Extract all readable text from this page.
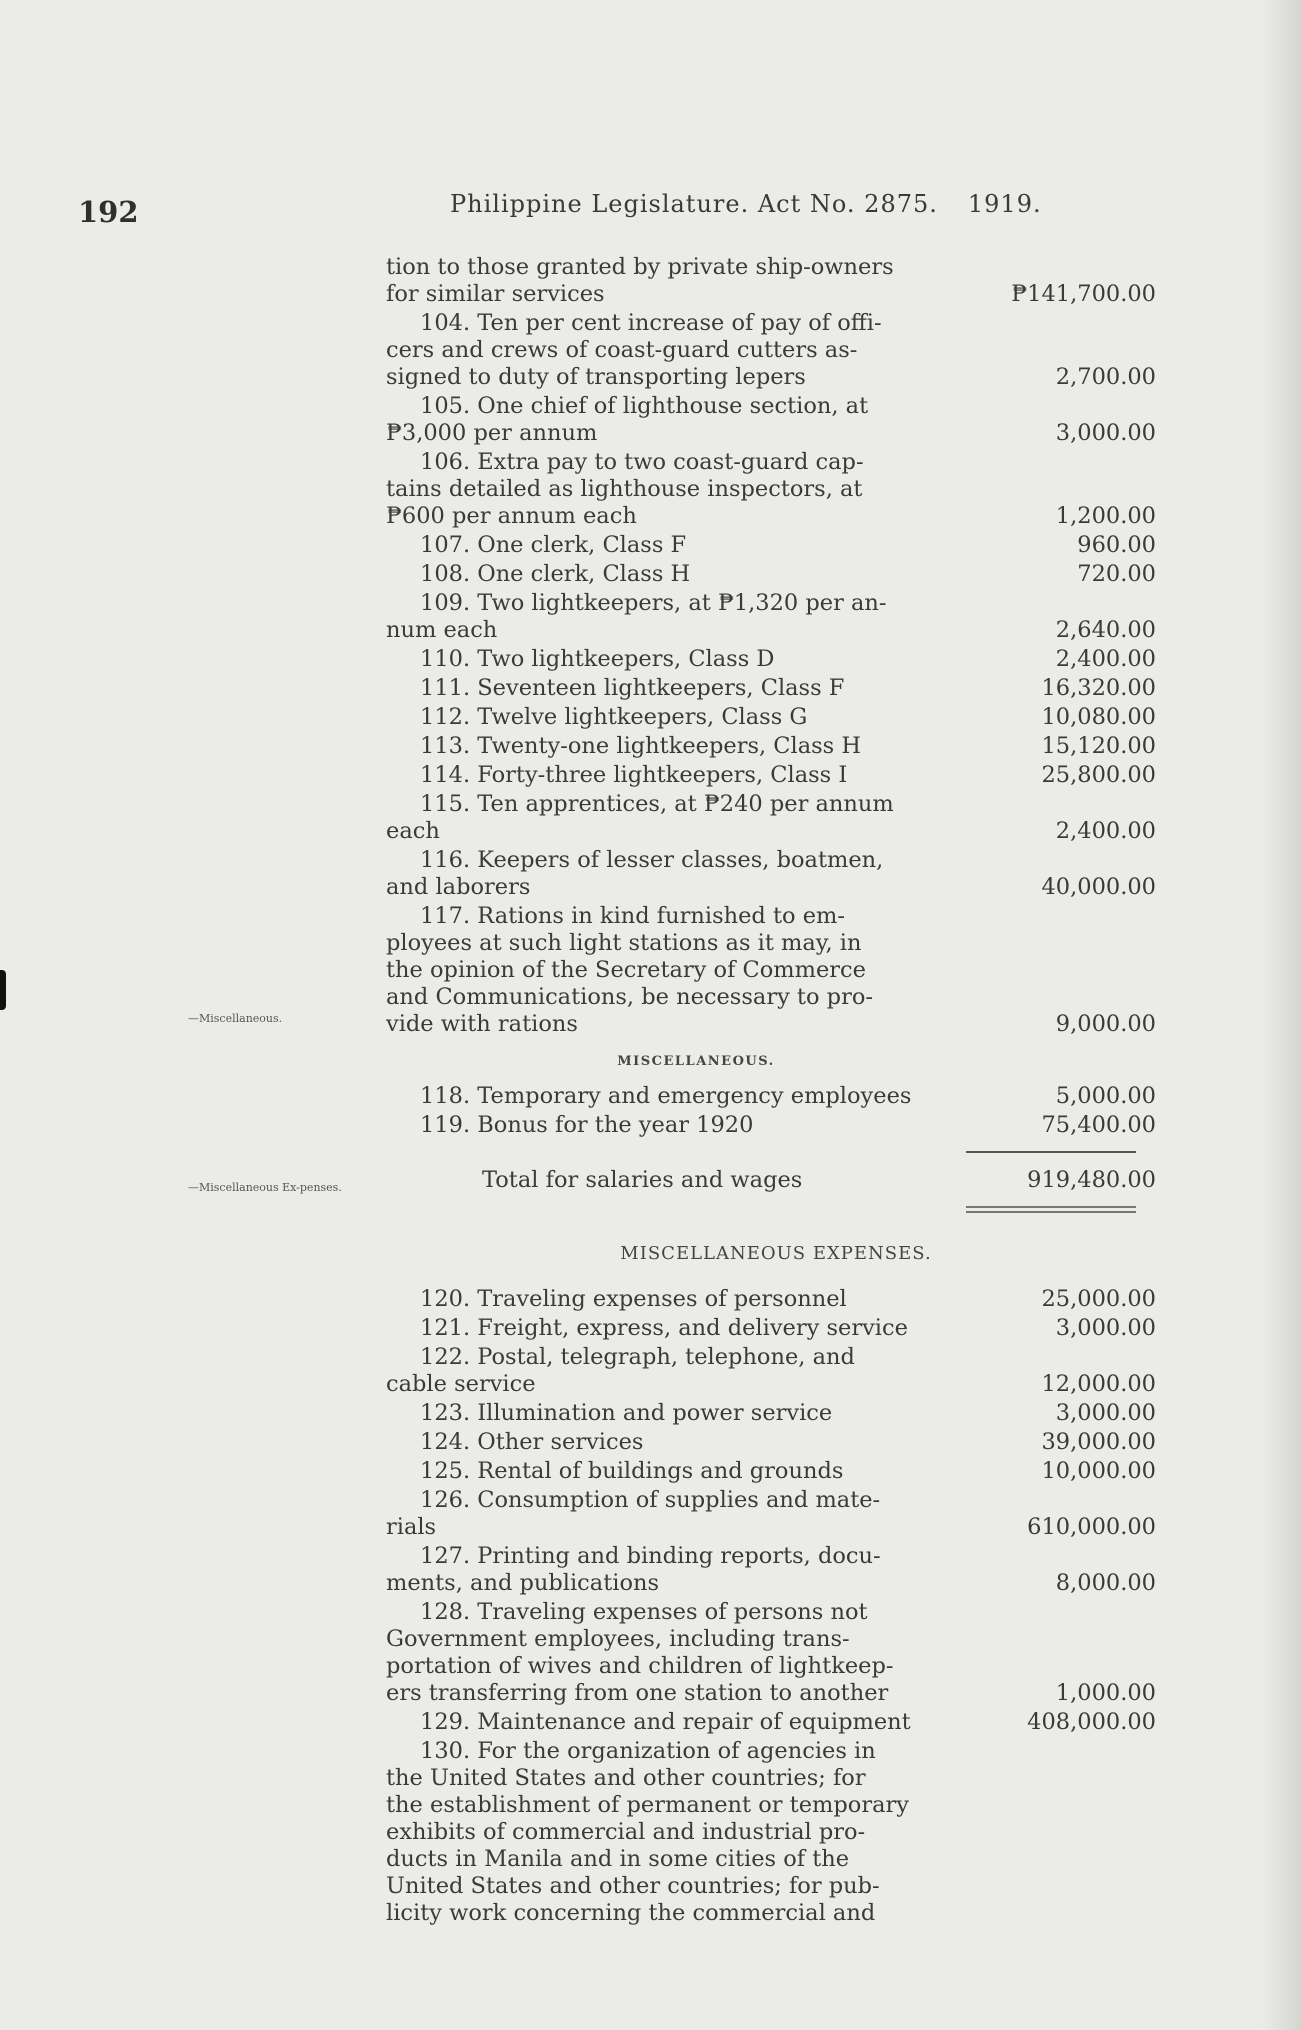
192	Philippine Legislature. Act No. 2875. 1919.
—Miscellaneous.
—Miscellaneous Ex-penses.
tion to those granted by private ship-owners
for similar services	₱141,700.00
104. Ten per cent increase of pay of offi-
cers and crews of coast-guard cutters as-
signed to duty of transporting lepers	2,700.00
105. One chief of lighthouse section, at
₱3,000 per annum	3,000.00
106. Extra pay to two coast-guard cap-
tains detailed as lighthouse inspectors, at
₱600 per annum each	1,200.00
107. One clerk, Class F	960.00
108. One clerk, Class H	720.00
109. Two lightkeepers, at ₱1,320 per an-
num each	2,640.00
110. Two lightkeepers, Class D	2,400.00
111. Seventeen lightkeepers, Class F	16,320.00
112. Twelve lightkeepers, Class G	10,080.00
113. Twenty-one lightkeepers, Class H	15,120.00
114. Forty-three lightkeepers, Class I	25,800.00
115. Ten apprentices, at ₱240 per annum
each	2,400.00
116. Keepers of lesser classes, boatmen,
and laborers	40,000.00
117. Rations in kind furnished to em-
ployees at such light stations as it may, in
the opinion of the Secretary of Commerce
and Communications, be necessary to pro-
vide with rations	9,000.00
MISCELLANEOUS.
118. Temporary and emergency employees	5,000.00
119. Bonus for the year 1920	75,400.00
Total for salaries and wages	919,480.00
MISCELLANEOUS EXPENSES.
120. Traveling expenses of personnel	25,000.00
121. Freight, express, and delivery service	3,000.00
122. Postal, telegraph, telephone, and
cable service	12,000.00
123. Illumination and power service	3,000.00
124. Other services	39,000.00
125. Rental of buildings and grounds	10,000.00
126. Consumption of supplies and mate-
rials	610,000.00
127. Printing and binding reports, docu-
ments, and publications	8,000.00
128. Traveling expenses of persons not
Government employees, including trans-
portation of wives and children of lightkeep-
ers transferring from one station to another	1,000.00
129. Maintenance and repair of equipment	408,000.00
130. For the organization of agencies in
the United States and other countries; for
the establishment of permanent or temporary
exhibits of commercial and industrial pro-
ducts in Manila and in some cities of the
United States and other countries; for pub-
licity work concerning the commercial and
